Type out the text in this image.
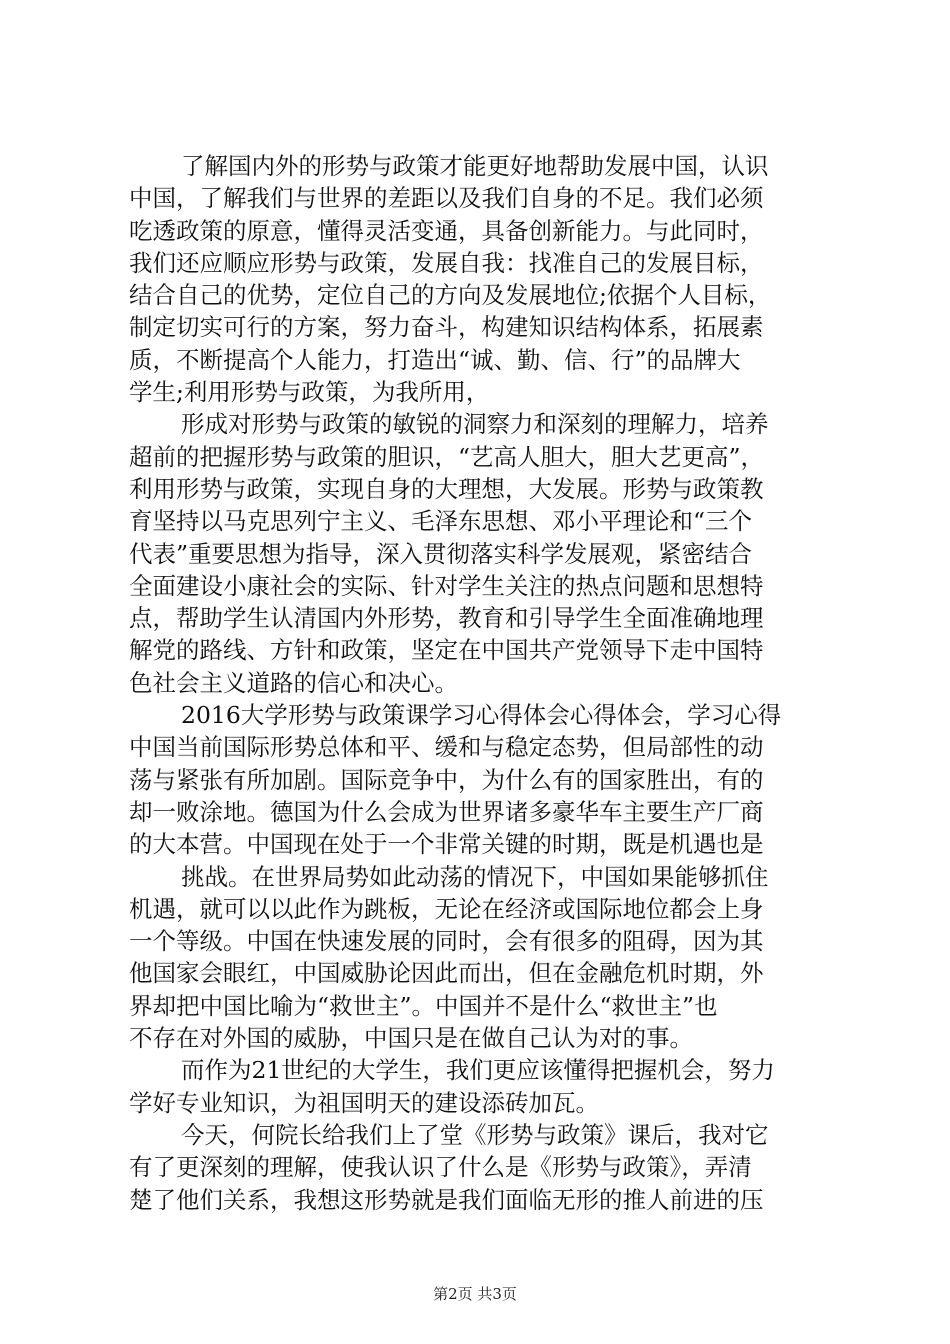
了解国内外的形势与政策才能更好地帮助发展中国，认识
中国，了解我们与世界的差距以及我们自身的不足。我们必须
吃透政策的原意，懂得灵活变通，具备创新能力。与此同时，
我们还应顺应形势与政策，发展自我：找准自己的发展目标，
结合自己的优势，定位自己的方向及发展地位;依据个人目标，
制定切实可行的方案，努力奋斗，构建知识结构体系，拓展素
质，不断提高个人能力，打造出“诚、勤、信、行”的品牌大
学生;利用形势与政策，为我所用，
形成对形势与政策的敏锐的洞察力和深刻的理解力，培养
超前的把握形势与政策的胆识，“艺高人胆大，胆大艺更高”，
利用形势与政策，实现自身的大理想，大发展。形势与政策教
育坚持以马克思列宁主义、毛泽东思想、邓小平理论和“三个
代表”重要思想为指导，深入贯彻落实科学发展观，紧密结合
全面建设小康社会的实际、针对学生关注的热点问题和思想特
点，帮助学生认清国内外形势，教育和引导学生全面准确地理
解党的路线、方针和政策，坚定在中国共产党领导下走中国特
色社会主义道路的信心和决心。
2016大学形势与政策课学习心得体会心得体会，学习心得
中国当前国际形势总体和平、缓和与稳定态势，但局部性的动
荡与紧张有所加剧。国际竞争中，为什么有的国家胜出，有的
却一败涂地。德国为什么会成为世界诸多豪华车主要生产厂商
的大本营。中国现在处于一个非常关键的时期，既是机遇也是
挑战。在世界局势如此动荡的情况下，中国如果能够抓住
机遇，就可以以此作为跳板，无论在经济或国际地位都会上身
一个等级。中国在快速发展的同时，会有很多的阻碍，因为其
他国家会眼红，中国威胁论因此而出，但在金融危机时期，外
界却把中国比喻为“救世主”。中国并不是什么“救世主”也
不存在对外国的威胁，中国只是在做自己认为对的事。
而作为21世纪的大学生，我们更应该懂得把握机会，努力
学好专业知识，为祖国明天的建设添砖加瓦。
今天，何院长给我们上了堂《形势与政策》课后，我对它
有了更深刻的理解，使我认识了什么是《形势与政策》，弄清
楚了他们关系，我想这形势就是我们面临无形的推人前进的压
第2页 共3页
